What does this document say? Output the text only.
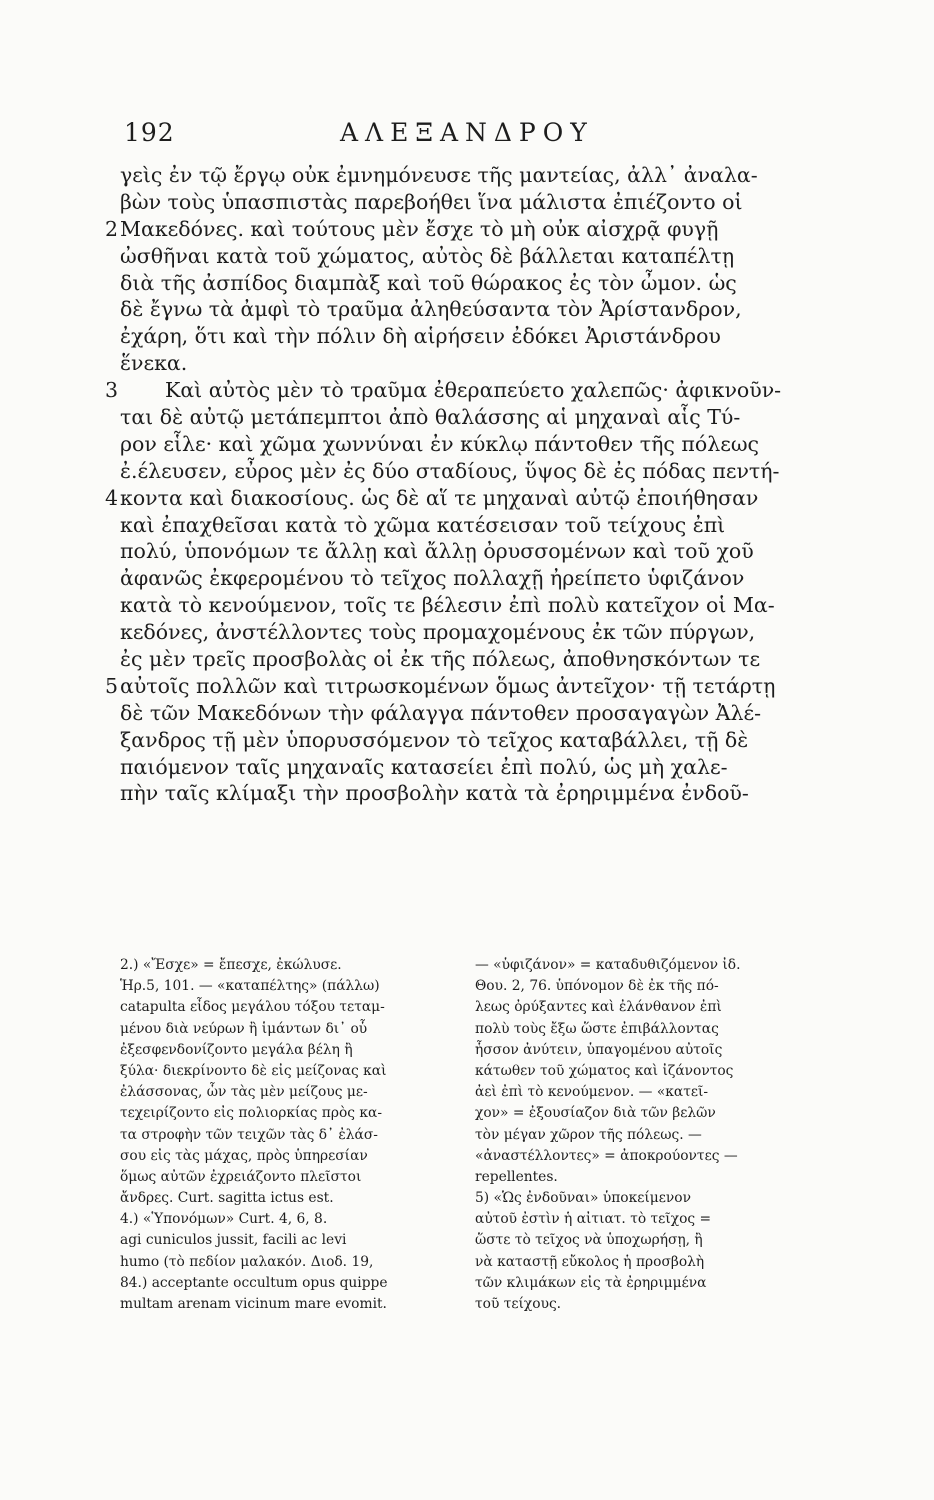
192	ΑΛΕΞΑΝΔΡΟΥ
γεὶς ἐν τῷ ἔργῳ οὐκ ἐμνημόνευσε τῆς μαντείας, ἀλλ᾽ ἀναλα-
βὼν τοὺς ὑπασπιστὰς παρεβοήθει ἵνα μάλιστα ἐπιέζοντο οἱ
2 Μακεδόνες. καὶ τούτους μὲν ἔσχε τὸ μὴ οὐκ αἰσχρᾷ φυγῇ
ὠσθῆναι κατὰ τοῦ χώματος, αὐτὸς δὲ βάλλεται καταπέλτῃ
διὰ τῆς ἀσπίδος διαμπὰξ καὶ τοῦ θώρακος ἐς τὸν ὦμον. ὡς
δὲ ἔγνω τὰ ἀμφὶ τὸ τραῦμα ἀληθεύσαντα τὸν Ἀρίστανδρον,
ἐχάρη, ὅτι καὶ τὴν πόλιν δὴ αἱρήσειν ἐδόκει Ἀριστάνδρου
ἕνεκα.
3	Καὶ αὐτὸς μὲν τὸ τραῦμα ἐθεραπεύετο χαλεπῶς· ἀφικνοῦν-
ται δὲ αὐτῷ μετάπεμπτοι ἀπὸ θαλάσσης αἱ μηχαναὶ αἷς Τύ-
ρον εἷλε· καὶ χῶμα χωννύναι ἐν κύκλῳ πάντοθεν τῆς πόλεως
ἐ.έλευσεν, εὖρος μὲν ἐς δύο σταδίους, ὕψος δὲ ἐς πόδας πεντή-
4 κοντα καὶ διακοσίους. ὡς δὲ αἵ τε μηχαναὶ αὐτῷ ἐποιήθησαν
καὶ ἐπαχθεῖσαι κατὰ τὸ χῶμα κατέσεισαν τοῦ τείχους ἐπὶ
πολύ, ὑπονόμων τε ἄλλῃ καὶ ἄλλῃ ὀρυσσομένων καὶ τοῦ χοῦ
ἀφανῶς ἐκφερομένου τὸ τεῖχος πολλαχῇ ἠρείπετο ὑφιζάνον
κατὰ τὸ κενούμενον, τοῖς τε βέλεσιν ἐπὶ πολὺ κατεῖχον οἱ Μα-
κεδόνες, ἀνστέλλοντες τοὺς προμαχομένους ἐκ τῶν πύργων,
ἐς μὲν τρεῖς προσβολὰς οἱ ἐκ τῆς πόλεως, ἀποθνησκόντων τε
5 αὐτοῖς πολλῶν καὶ τιτρωσκομένων ὅμως ἀντεῖχον· τῇ τετάρτῃ
δὲ τῶν Μακεδόνων τὴν φάλαγγα πάντοθεν προσαγαγὼν Ἀλέ-
ξανδρος τῇ μὲν ὑπορυσσόμενον τὸ τεῖχος καταβάλλει, τῇ δὲ
παιόμενον ταῖς μηχαναῖς κατασείει ἐπὶ πολύ, ὡς μὴ χαλε-
πὴν ταῖς κλίμαξι τὴν προσβολὴν κατὰ τὰ ἐρηριμμένα ἐνδοῦ-
2.) «Ἔσχε» = ἔπεσχε, ἐκώλυσε.
Ἡρ.5, 101. — «καταπέλτης» (πάλλω)
catapulta εἶδος μεγάλου τόξου τεταμ-
μένου διὰ νεύρων ἢ ἱμάντων δι᾽ οὗ
ἐξεσφενδονίζοντο μεγάλα βέλη ἢ
ξύλα· διεκρίνοντο δὲ εἰς μείζονας καὶ
ἐλάσσονας, ὧν τὰς μὲν μείζους με-
τεχειρίζοντο εἰς πολιορκίας πρὸς κα-
τα στροφὴν τῶν τειχῶν τὰς δ᾽ ἐλάσ-
σου εἰς τὰς μάχας, πρὸς ὑπηρεσίαν
ὅμως αὐτῶν ἐχρειάζοντο πλεῖστοι
ἄνδρες. Curt. sagitta ictus est.
4.) «Ὑπονόμων» Curt. 4, 6, 8.
agi cuniculos jussit, facili ac levi
humo (τὸ πεδίον μαλακόν. Διοδ. 19,
84.) acceptante occultum opus quippe
multam arenam vicinum mare evomit.
— «ὑφιζάνον» = καταδυθιζόμενον ἰδ.
Θου. 2, 76. ὑπόνομον δὲ ἐκ τῆς πό-
λεως ὀρύξαντες καὶ ἐλάνθανον ἐπὶ
πολὺ τοὺς ἔξω ὥστε ἐπιβάλλοντας
ἧσσον ἀνύτειν, ὑπαγομένου αὐτοῖς
κάτωθεν τοῦ χώματος καὶ ἰζάνοντος
ἀεὶ ἐπὶ τὸ κενούμενον. — «κατεῖ-
χον» = ἐξουσίαζον διὰ τῶν βελῶν
τὸν μέγαν χῶρον τῆς πόλεως. —
«ἀναστέλλοντες» = ἀποκρούοντες —
repellentes.
5) «Ὡς ἐνδοῦναι» ὑποκείμενον
αὐτοῦ ἐστὶν ἡ αἰτιατ. τὸ τεῖχος =
ὥστε τὸ τεῖχος νὰ ὑποχωρήσῃ, ἢ
νὰ καταστῇ εὔκολος ἡ προσβολὴ
τῶν κλιμάκων εἰς τὰ ἐρηριμμένα
τοῦ τείχους.
